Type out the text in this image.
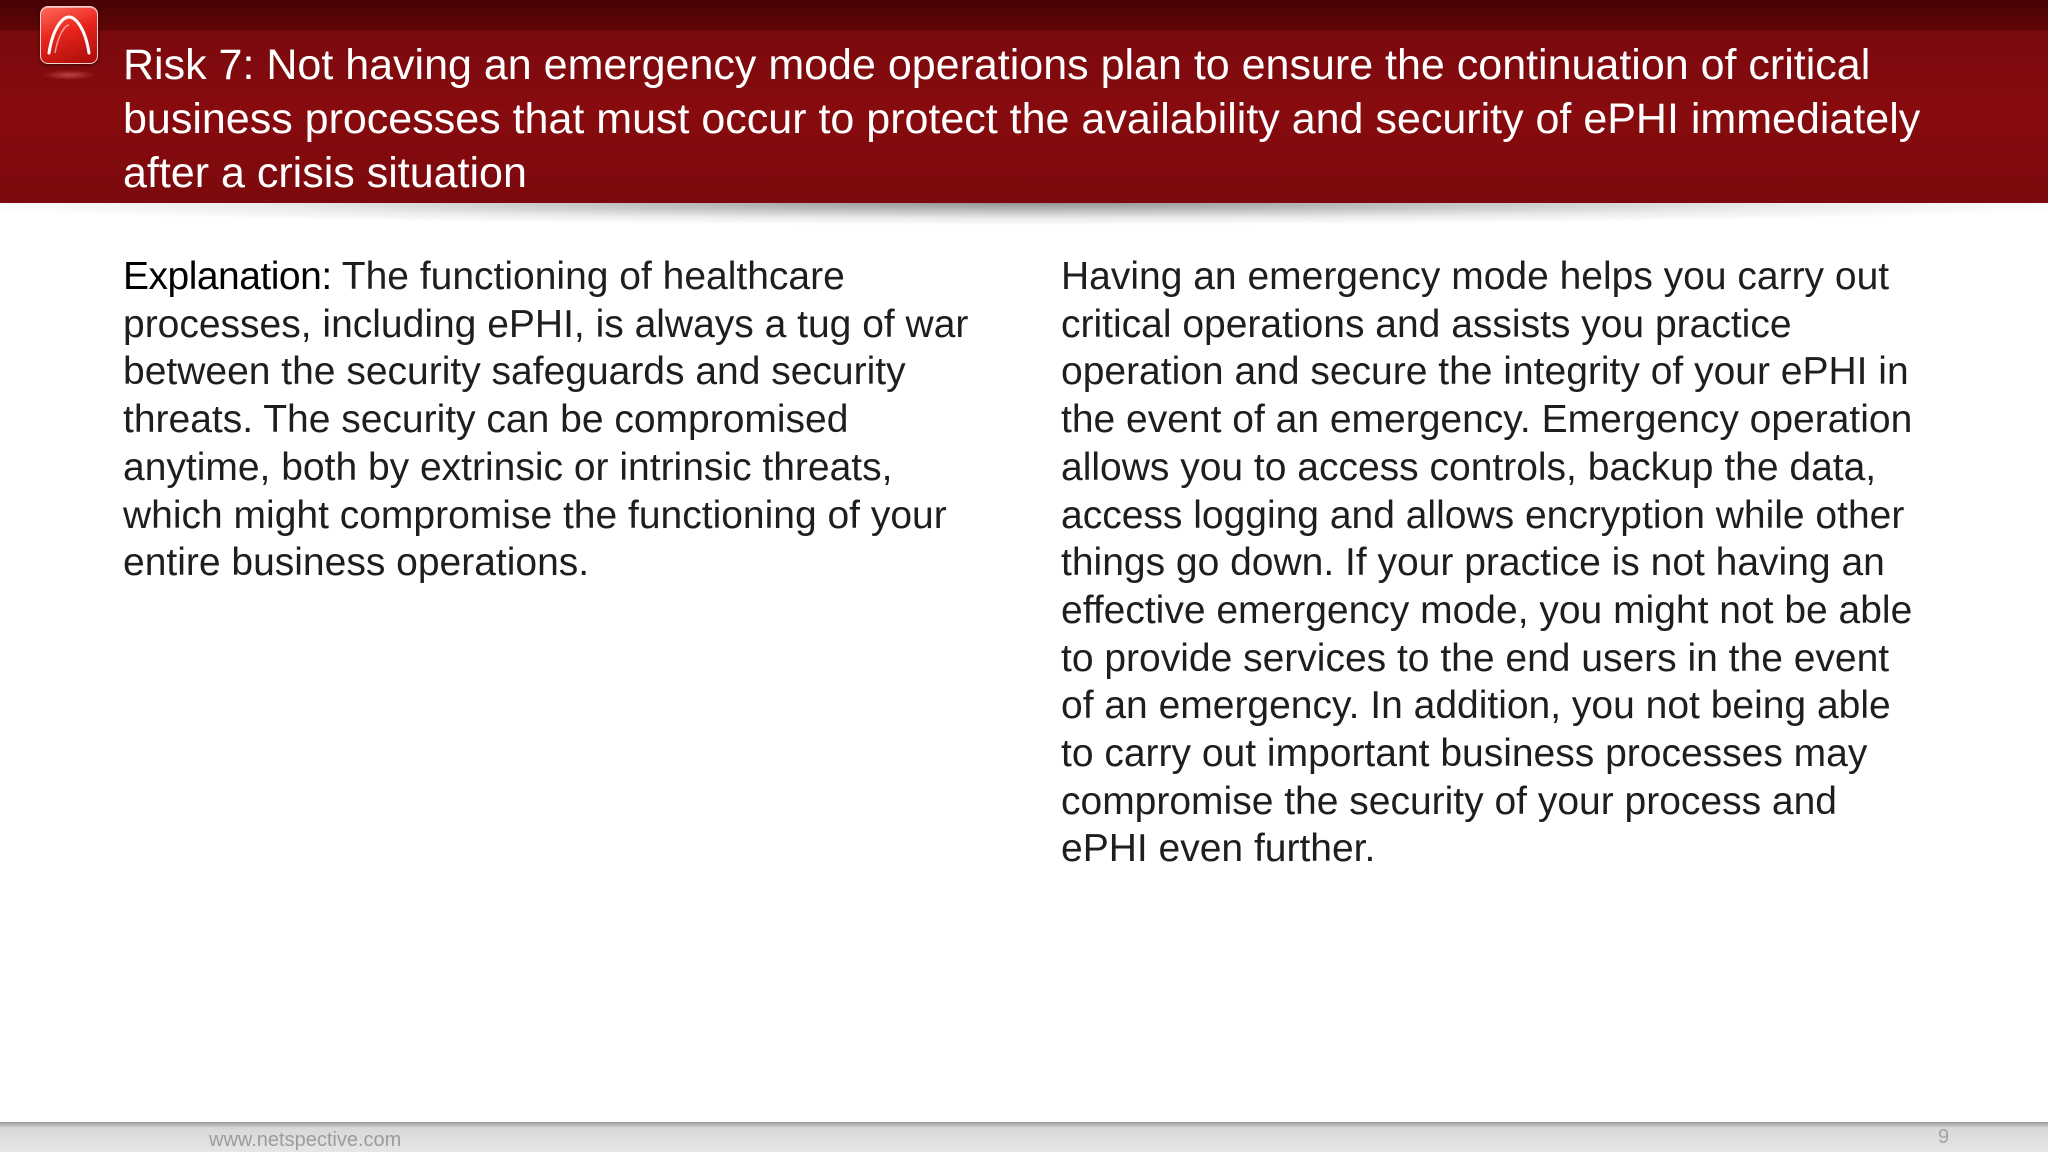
Risk 7: Not having an emergency mode operations plan to ensure the continuation of critical business processes that must occur to protect the availability and security of ePHI immediately after a crisis situation

Explanation: The functioning of healthcare processes, including ePHI, is always a tug of war between the security safeguards and security threats. The security can be compromised anytime, both by extrinsic or intrinsic threats, which might compromise the functioning of your entire business operations.

Having an emergency mode helps you carry out critical operations and assists you practice operation and secure the integrity of your ePHI in the event of an emergency. Emergency operation allows you to access controls, backup the data, access logging and allows encryption while other things go down. If your practice is not having an effective emergency mode, you might not be able to provide services to the end users in the event of an emergency. In addition, you not being able to carry out important business processes may compromise the security of your process and ePHI even further.

www.netspective.com	9
